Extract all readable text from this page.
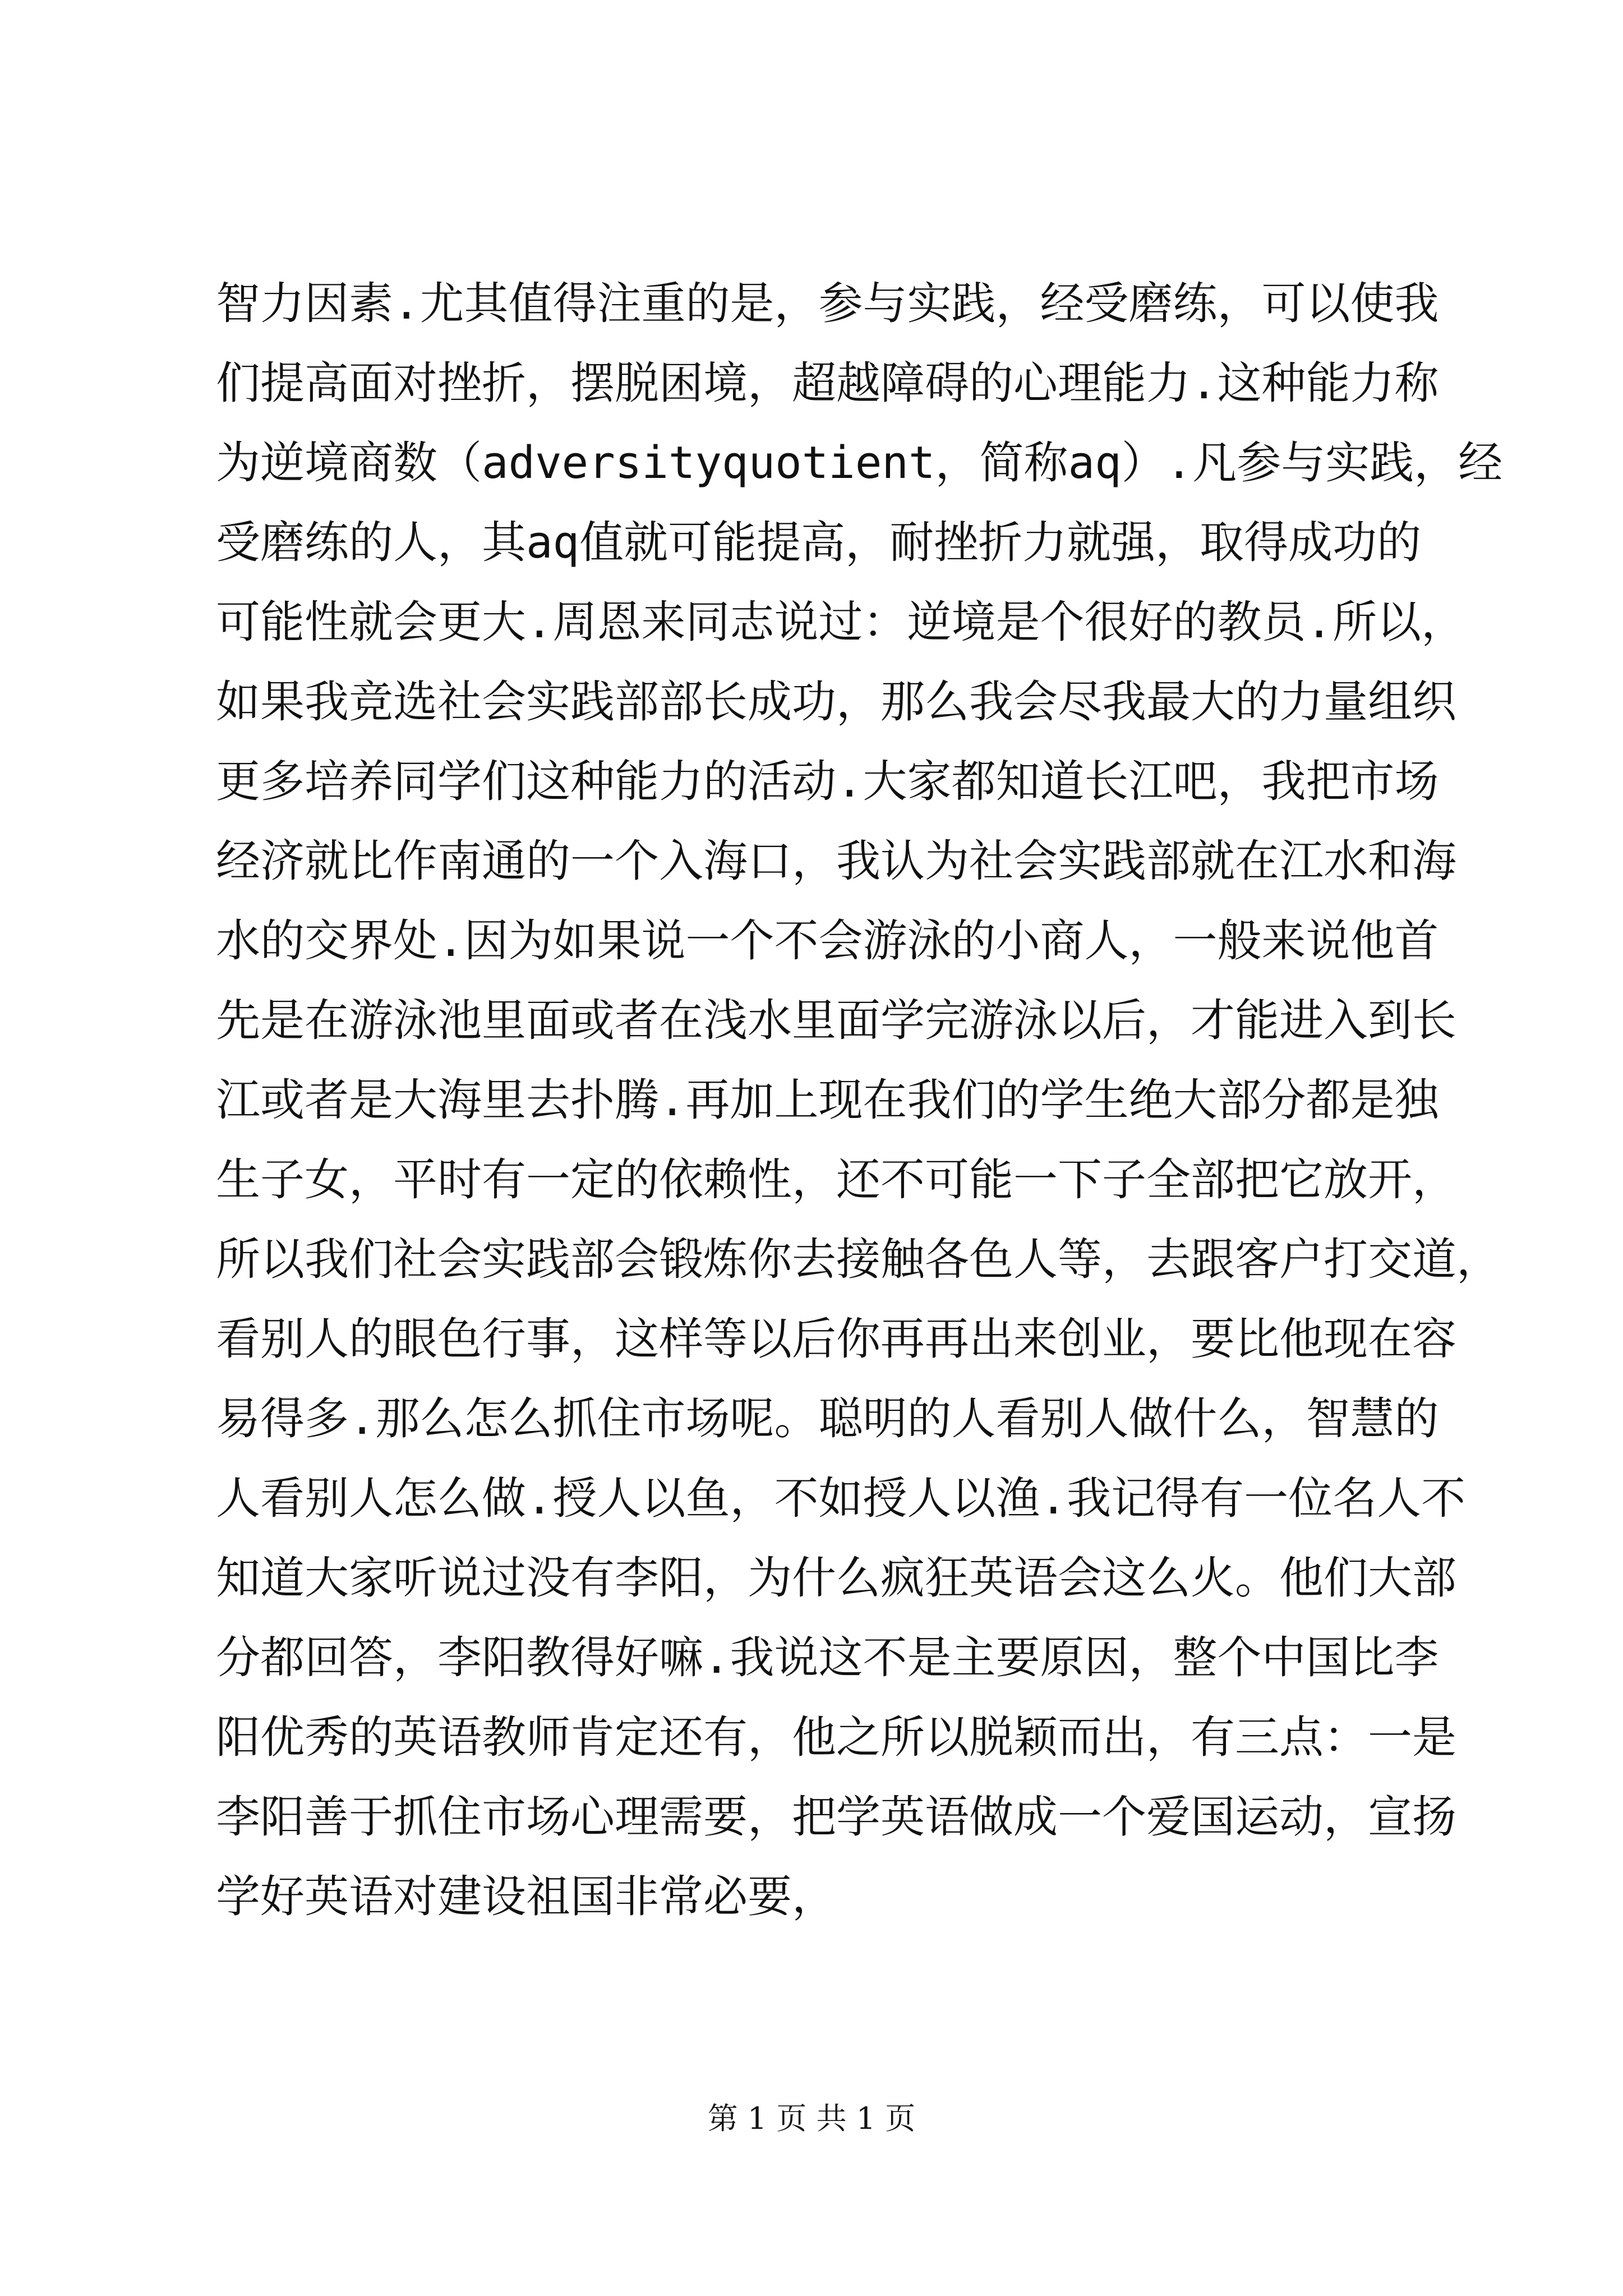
智力因素.尤其值得注重的是，参与实践，经受磨练，可以使我
们提高面对挫折，摆脱困境，超越障碍的心理能力.这种能力称
为逆境商数（adversityquotient，简称aq）.凡参与实践，经
受磨练的人，其aq值就可能提高，耐挫折力就强，取得成功的
可能性就会更大.周恩来同志说过：逆境是个很好的教员.所以，
如果我竞选社会实践部部长成功，那么我会尽我最大的力量组织
更多培养同学们这种能力的活动.大家都知道长江吧，我把市场
经济就比作南通的一个入海口，我认为社会实践部就在江水和海
水的交界处.因为如果说一个不会游泳的小商人，一般来说他首
先是在游泳池里面或者在浅水里面学完游泳以后，才能进入到长
江或者是大海里去扑腾.再加上现在我们的学生绝大部分都是独
生子女，平时有一定的依赖性，还不可能一下子全部把它放开，
所以我们社会实践部会锻炼你去接触各色人等，去跟客户打交道，
看别人的眼色行事，这样等以后你再再出来创业，要比他现在容
易得多.那么怎么抓住市场呢。聪明的人看别人做什么，智慧的
人看别人怎么做.授人以鱼，不如授人以渔.我记得有一位名人不
知道大家听说过没有李阳，为什么疯狂英语会这么火。他们大部
分都回答，李阳教得好嘛.我说这不是主要原因，整个中国比李
阳优秀的英语教师肯定还有，他之所以脱颖而出，有三点：一是
李阳善于抓住市场心理需要，把学英语做成一个爱国运动，宣扬
学好英语对建设祖国非常必要，
第 1 页 共 1 页
